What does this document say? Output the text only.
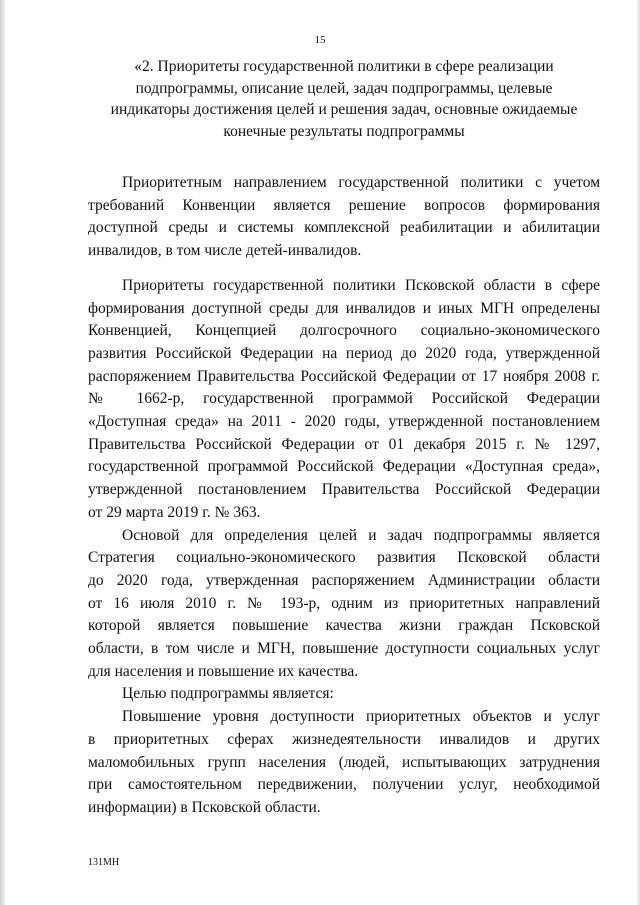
15
«2. Приоритеты государственной политики в сфере реализации
подпрограммы, описание целей, задач подпрограммы, целевые
индикаторы достижения целей и решения задач, основные ожидаемые
конечные результаты подпрограммы
Приоритетным направлением государственной политики с учетом
требований Конвенции является решение вопросов формирования
доступной среды и системы комплексной реабилитации и абилитации
инвалидов, в том числе детей-инвалидов.
Приоритеты государственной политики Псковской области в сфере
формирования доступной среды для инвалидов и иных МГН определены
Конвенцией, Концепцией долгосрочного социально-экономического
развития Российской Федерации на период до 2020 года, утвержденной
распоряжением Правительства Российской Федерации от 17 ноября 2008 г.
№ 1662-р, государственной программой Российской Федерации
«Доступная среда» на 2011 - 2020 годы, утвержденной постановлением
Правительства Российской Федерации от 01 декабря 2015 г. № 1297,
государственной программой Российской Федерации «Доступная среда»,
утвержденной постановлением Правительства Российской Федерации
от 29 марта 2019 г. № 363.
Основой для определения целей и задач подпрограммы является
Стратегия социально-экономического развития Псковской области
до 2020 года, утвержденная распоряжением Администрации области
от 16 июля 2010 г. № 193-р, одним из приоритетных направлений
которой является повышение качества жизни граждан Псковской
области, в том числе и МГН, повышение доступности социальных услуг
для населения и повышение их качества.
Целью подпрограммы является:
Повышение уровня доступности приоритетных объектов и услуг
в приоритетных сферах жизнедеятельности инвалидов и других
маломобильных групп населения (людей, испытывающих затруднения
при самостоятельном передвижении, получении услуг, необходимой
информации) в Псковской области.
131МН
